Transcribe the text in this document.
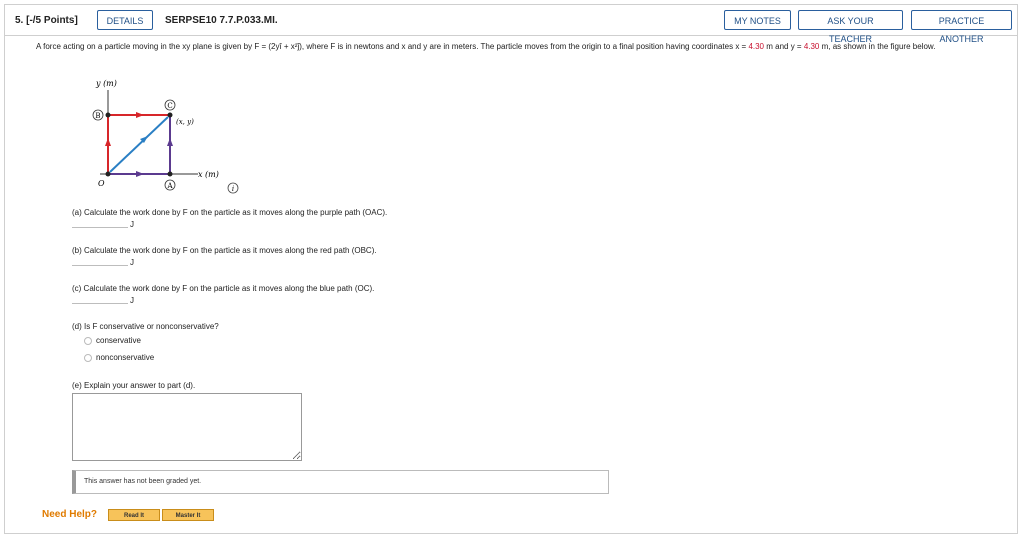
5. [-/5 Points]	DETAILS	SERPSE10 7.7.P.033.MI.	MY NOTES	ASK YOUR TEACHER
PRACTICE ANOTHER
A force acting on a particle moving in the xy plane is given by F = (2yî + x²ĵ), where F is in newtons and x and y are in meters. The particle moves from the origin to a final position having coordinates x = 4.30 m and y = 4.30 m, as shown in the figure below.
y (m)
x (m)
O
(x, y)
B
C
A	i
(a) Calculate the work done by F on the particle as it moves along the purple path (OAC).
J
(b) Calculate the work done by F on the particle as it moves along the red path (OBC).
J
(c) Calculate the work done by F on the particle as it moves along the blue path (OC).
J
(d) Is F conservative or nonconservative?
conservative
nonconservative
(e) Explain your answer to part (d).
This answer has not been graded yet.
Need Help?	Read It	Master It
